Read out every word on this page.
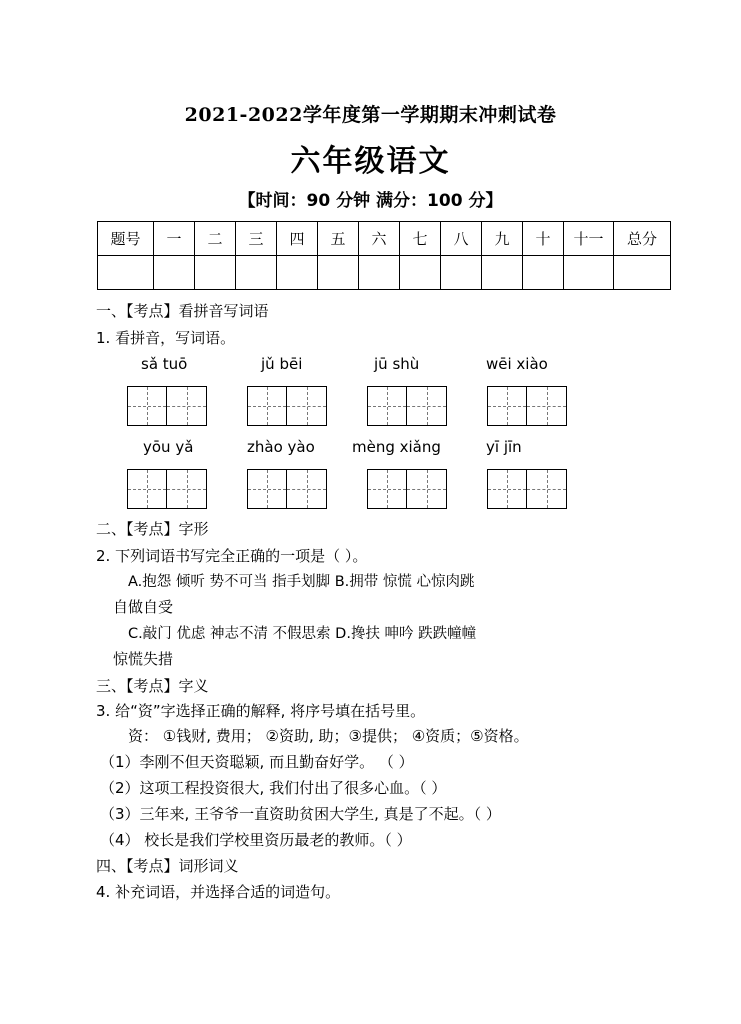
2021-2022学年度第一学期期末冲刺试卷
六年级语文
【时间：90 分钟 满分：100 分】
题号	一	二	三	四	五	六	七	八	九	十	十一	总分

一、【考点】看拼音写词语
1. 看拼音，写词语。
sǎ tuō	jǔ bēi	jū shù	wēi xiào
yōu yǎ	zhào yào mèng xiǎng	yī jīn
二、【考点】字形
2. 下列词语书写完全正确的一项是（ ）。
A.抱怨 倾听 势不可当 指手划脚 B.拥带 惊慌 心惊肉跳
自做自受
C.敲门 优虑 神志不清 不假思索 D.搀扶 呻吟 跌跌幢幢
惊慌失措
三、【考点】字义
3. 给“资”字选择正确的解释, 将序号填在括号里。
资： ①钱财, 费用； ②资助, 助；③提供； ④资质；⑤资格。
（1）李刚不但天资聪颖, 而且勤奋好学。 （ ）
（2）这项工程投资很大, 我们付出了很多心血。（ ）
（3）三年来, 王爷爷一直资助贫困大学生, 真是了不起。（ ）
（4） 校长是我们学校里资历最老的教师。（ ）
四、【考点】词形词义
4. 补充词语，并选择合适的词造句。
